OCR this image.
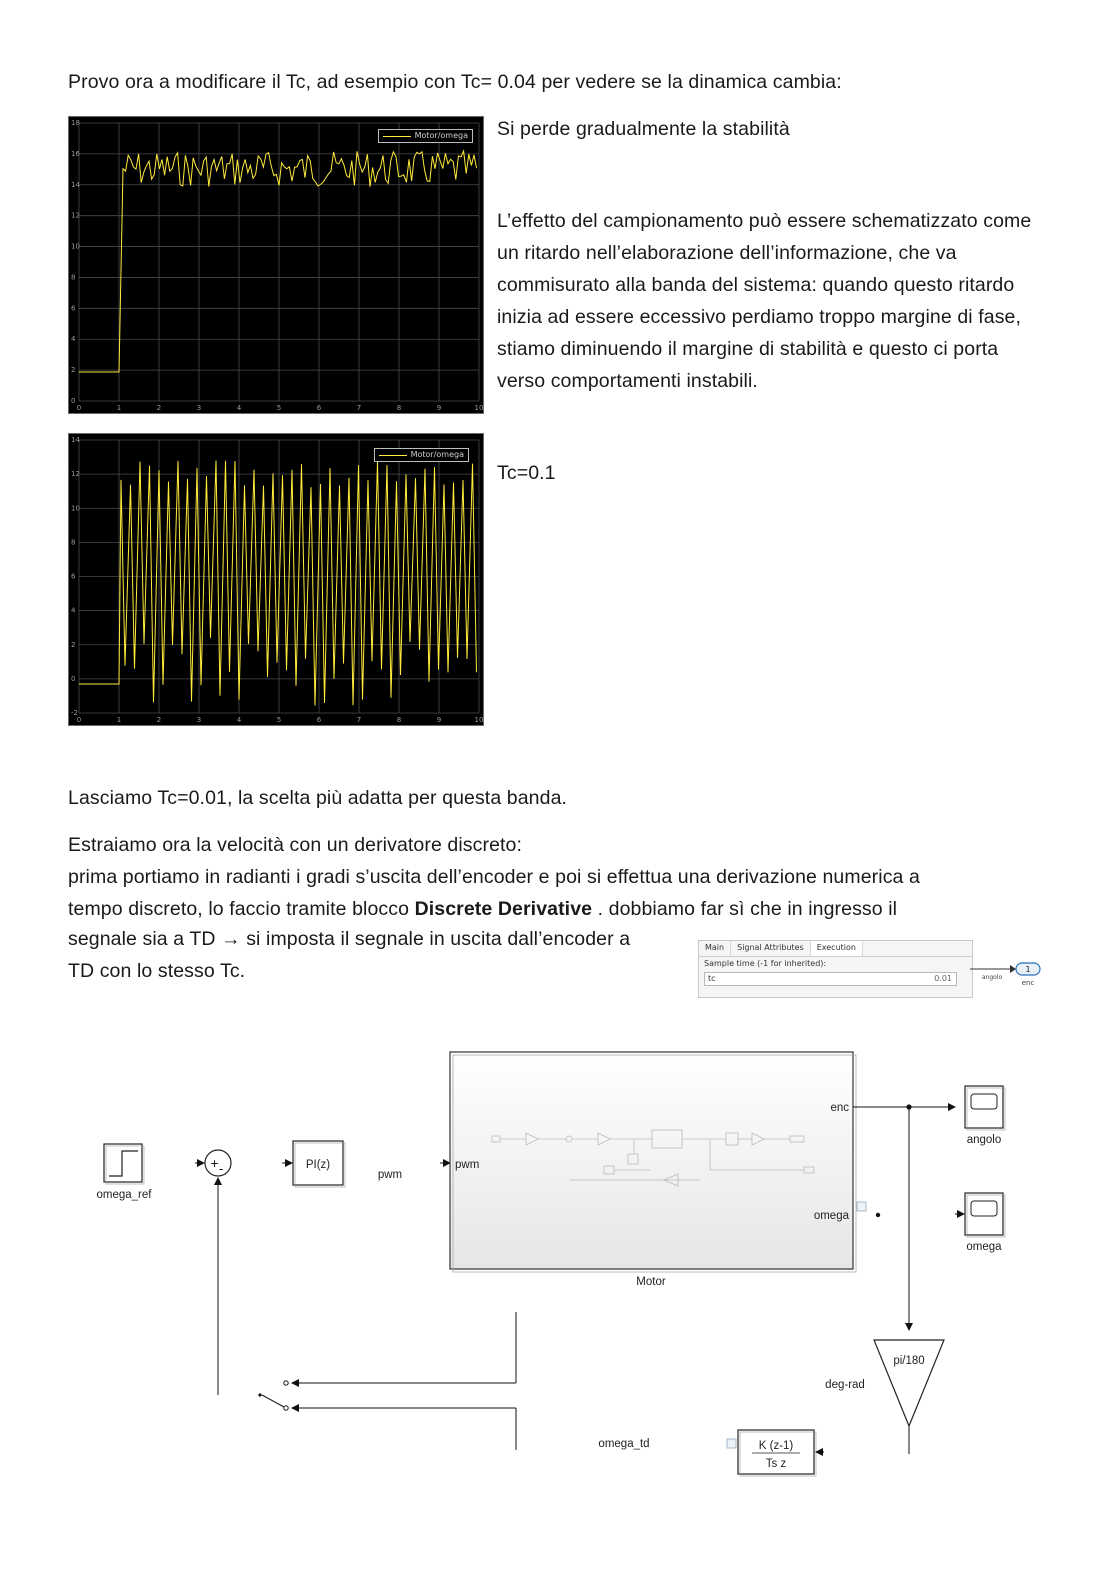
Provo ora a modificare il Tc, ad esempio con Tc= 0.04 per vedere se la dinamica cambia:

0	1	2	3	4	5	6	7	8	9	10
18
16
14
12
10
8
6
4
2
0
Motor/omega Si perde gradualmente la stabilità

L’effetto del campionamento può essere schematizzato come un ritardo nell’elaborazione dell’informazione, che va commisurato alla banda del sistema: quando questo ritardo inizia ad essere eccessivo perdiamo troppo margine di fase, stiamo diminuendo il margine di stabilità e questo ci porta verso comportamenti instabili.

0	1	2	3	4	5	6	7	8	9	10
14
12
10
8
6
4
2
0
-2
Motor/omega

Tc=0.1

Lasciamo Tc=0.01, la scelta più adatta per questa banda.

Estraiamo ora la velocità con un derivatore discreto:

prima portiamo in radianti i gradi s’uscita dell’encoder e poi si effettua una derivazione numerica a

tempo discreto, lo faccio tramite blocco Discrete Derivative . dobbiamo far sì che in ingresso il

segnale sia a TD → si imposta il segnale in uscita dall’encoder a

TD con lo stesso Tc.

Main	Signal Attributes	Execution
Sample time (-1 for inherited):
tc	0.01
1
angolo
enc
omega_ref
+ -	PI(z)
pwm
pwm
enc
omega
Motor
angolo
omega
pi/180
deg-rad
K (z-1)
Ts z
omega_td
